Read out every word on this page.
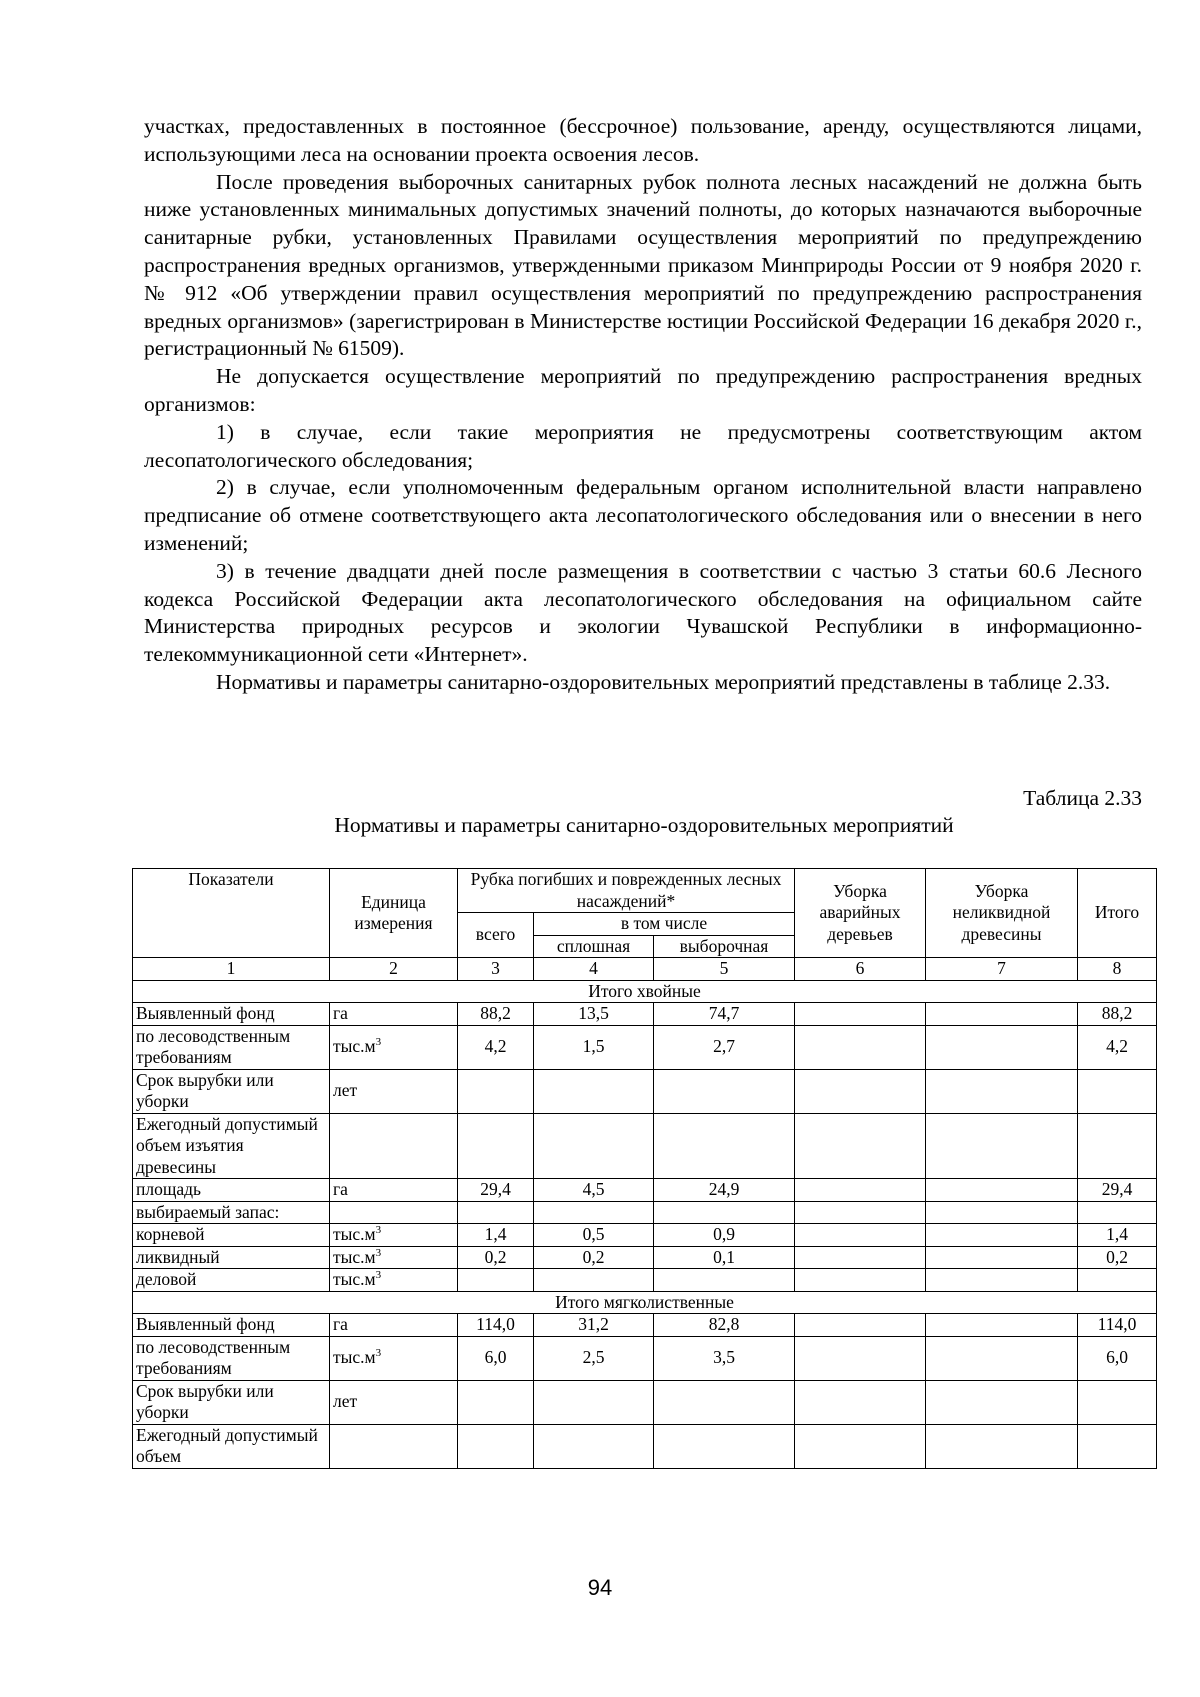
участках, предоставленных в постоянное (бессрочное) пользование, аренду, осуществляются лицами, использующими леса на основании проекта освоения лесов.

После проведения выборочных санитарных рубок полнота лесных насаждений не должна быть ниже установленных минимальных допустимых значений полноты, до которых назначаются выборочные санитарные рубки, установленных Правилами осуществления мероприятий по предупреждению распространения вредных организмов, утвержденными приказом Минприроды России от 9 ноября 2020 г. № 912 «Об утверждении правил осуществления мероприятий по предупреждению распространения вредных организмов» (зарегистрирован в Министерстве юстиции Российской Федерации 16 декабря 2020 г., регистрационный № 61509).

Не допускается осуществление мероприятий по предупреждению распространения вредных организмов:

1) в случае, если такие мероприятия не предусмотрены соответствующим актом лесопатологического обследования;

2) в случае, если уполномоченным федеральным органом исполнительной власти направлено предписание об отмене соответствующего акта лесопатологического обследования или о внесении в него изменений;

3) в течение двадцати дней после размещения в соответствии с частью 3 статьи 60.6 Лесного кодекса Российской Федерации акта лесопатологического обследования на официальном сайте Министерства природных ресурсов и экологии Чувашской Республики в информационно-телекоммуникационной сети «Интернет».

Нормативы и параметры санитарно-оздоровительных мероприятий представлены в таблице 2.33.

Таблица 2.33
Нормативы и параметры санитарно-оздоровительных мероприятий
Показатели	Единица измерения	Рубка погибших и поврежденных лесных насаждений*			Уборка аварийных деревьев	Уборка неликвидной древесины	Итого
		всего	в том числе				
			сплошная	выборочная			
1	2	3	4	5	6	7	8
Итого хвойные							
Выявленный фонд	га	88,2	13,5	74,7			88,2
по лесоводственным требованиям	$тыс.м^3$	4,2	1,5	2,7			4,2
Срок вырубки или уборки	лет						
Ежегодный допустимый объем изъятия древесины							
площадь	га	29,4	4,5	24,9			29,4
выбираемый запас:							
корневой	$тыс.м^3$	1,4	0,5	0,9			1,4
ликвидный	$тыс.м^3$	0,2	0,2	0,1			0,2
деловой	$тыс.м^3$						
Итого мягколиственные							
Выявленный фонд	га	114,0	31,2	82,8			114,0
по лесоводственным требованиям	$тыс.м^3$	6,0	2,5	3,5			6,0
Срок вырубки или уборки	лет						
Ежегодный допустимый объем							
94
